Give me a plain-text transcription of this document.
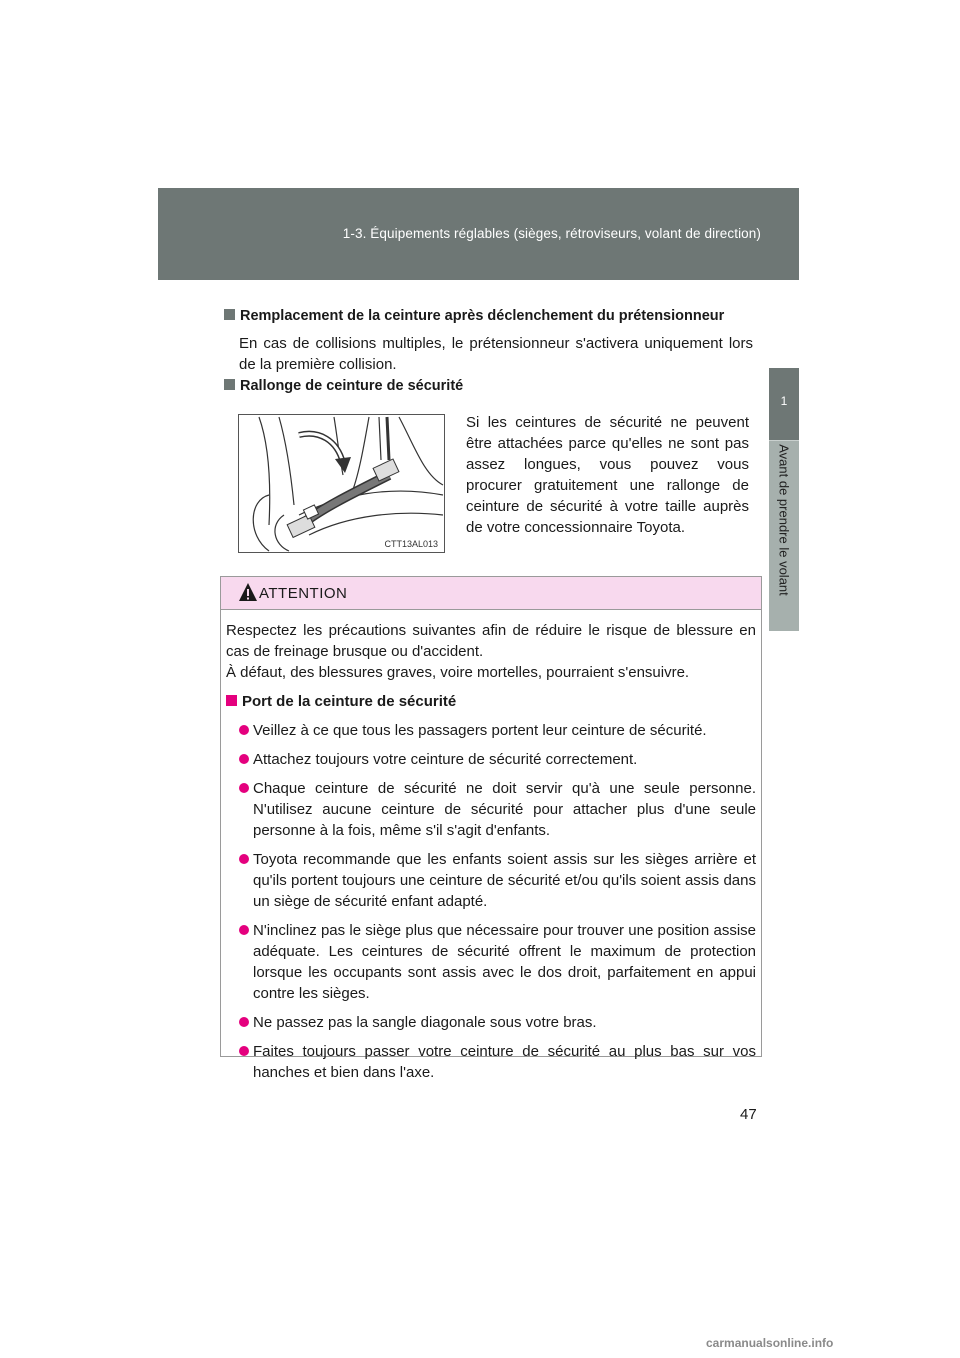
1-3. Équipements réglables (sièges, rétroviseurs, volant de direction)
1
Avant de prendre le volant
Remplacement de la ceinture après déclenchement du prétensionneur
En cas de collisions multiples, le prétensionneur s'activera uniquement lors de la première collision.
Rallonge de ceinture de sécurité
CTT13AL013
Si les ceintures de sécurité ne peuvent être attachées parce qu'elles ne sont pas assez longues, vous pouvez vous procurer gratuitement une rallonge de ceinture de sécurité à votre taille auprès de votre concessionnaire Toyota.
ATTENTION
Respectez les précautions suivantes afin de réduire le risque de blessure en cas de freinage brusque ou d'accident.
À défaut, des blessures graves, voire mortelles, pourraient s'ensuivre.
Port de la ceinture de sécurité
Veillez à ce que tous les passagers portent leur ceinture de sécurité.
Attachez toujours votre ceinture de sécurité correctement.
Chaque ceinture de sécurité ne doit servir qu'à une seule personne. N'utilisez aucune ceinture de sécurité pour attacher plus d'une seule personne à la fois, même s'il s'agit d'enfants.
Toyota recommande que les enfants soient assis sur les sièges arrière et qu'ils portent toujours une ceinture de sécurité et/ou qu'ils soient assis dans un siège de sécurité enfant adapté.
N'inclinez pas le siège plus que nécessaire pour trouver une position assise adéquate. Les ceintures de sécurité offrent le maximum de protection lorsque les occupants sont assis avec le dos droit, parfaitement en appui contre les sièges.
Ne passez pas la sangle diagonale sous votre bras.
Faites toujours passer votre ceinture de sécurité au plus bas sur vos hanches et bien dans l'axe.
47
carmanualsonline.info
